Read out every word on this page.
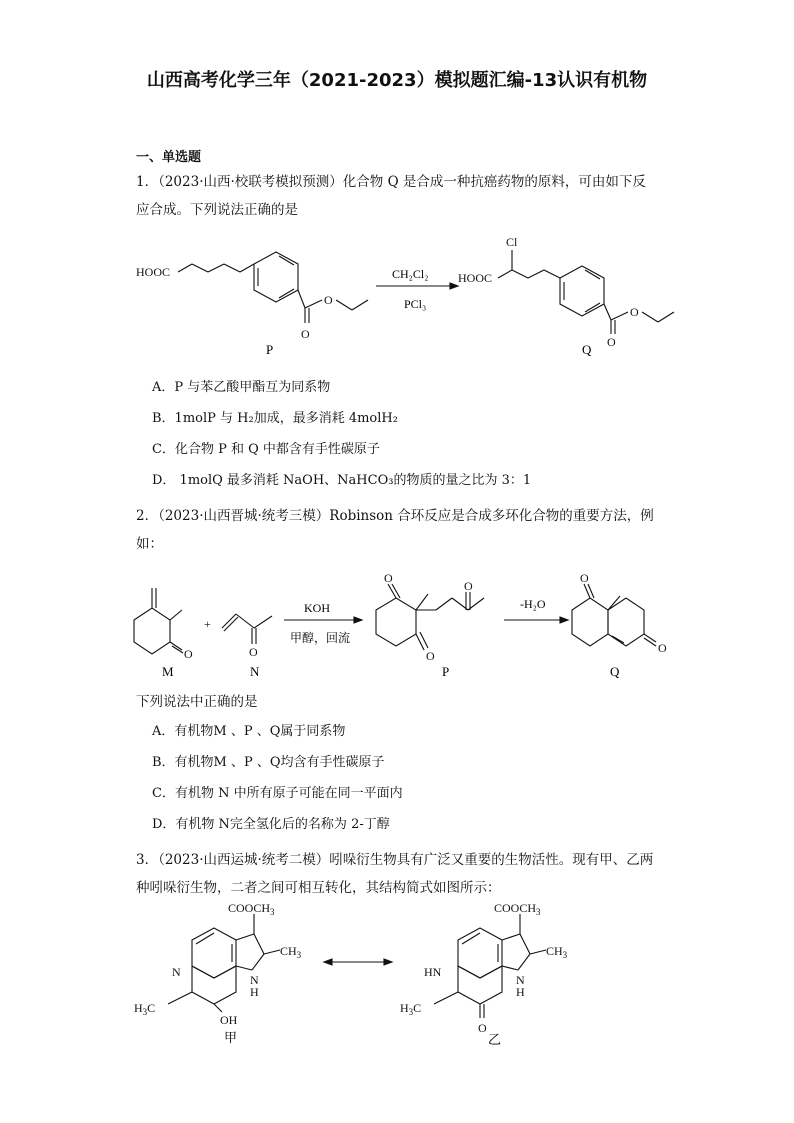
山西高考化学三年（2021-2023）模拟题汇编-13认识有机物
一、单选题
1．（2023·山西·校联考模拟预测）化合物 Q 是合成一种抗癌药物的原料，可由如下反
应合成。下列说法正确的是
HOOC
O
O
HOOC
Cl
O
O
CH₂Cl₂
PCl₃
P	Q
A．P 与苯乙酸甲酯互为同系物
B．1molP 与 H₂加成，最多消耗 4molH₂
C．化合物 P 和 Q 中都含有手性碳原子
D． 1molQ 最多消耗 NaOH、NaHCO₃的物质的量之比为 3：1
2．（2023·山西晋城·统考三模）Robinson 合环反应是合成多环化合物的重要方法，例
如：
O
+
O
O
O
O
O
O
KOH
甲醇，回流
-H₂O
M	N	P	Q
下列说法中正确的是
A．有机物M 、P 、Q属于同系物
B．有机物M 、P 、Q均含有手性碳原子
C．有机物 N 中所有原子可能在同一平面内
D．有机物 N完全氢化后的名称为 2-丁醇
3．（2023·山西运城·统考二模）吲哚衍生物具有广泛又重要的生物活性。现有甲、乙两
种吲哚衍生物，二者之间可相互转化，其结构简式如图所示：
$COOCH_3$
$CH_3$
N
H
N
$H_3C$
OH
$COOCH_3$
$CH_3$
N
H
HN
$H_3C$
O
甲	乙
